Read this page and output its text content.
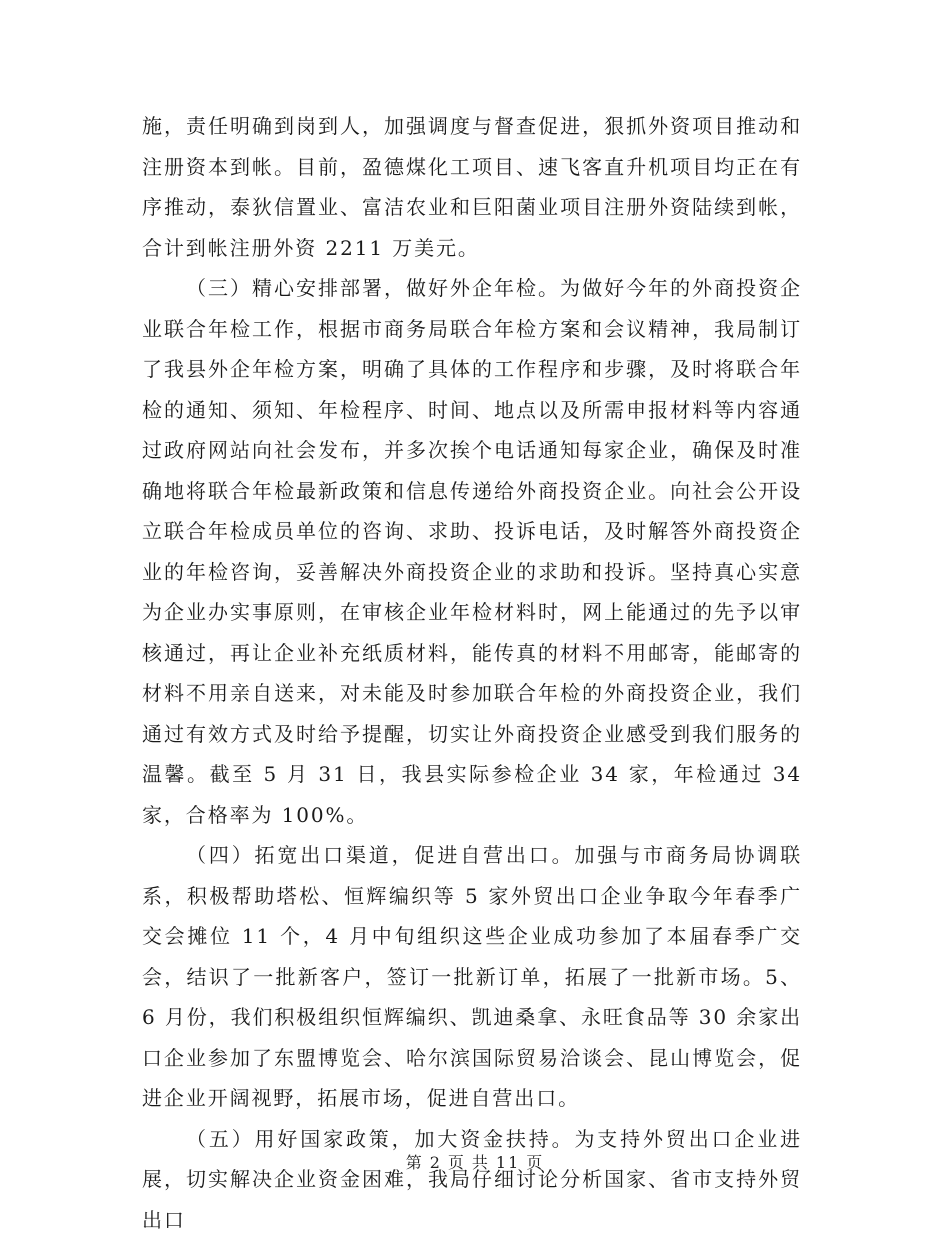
施，责任明确到岗到人，加强调度与督查促进，狠抓外资项目推动和注册资本到帐。目前，盈德煤化工项目、速飞客直升机项目均正在有序推动，泰狄信置业、富洁农业和巨阳菌业项目注册外资陆续到帐，合计到帐注册外资 2211 万美元。

（三）精心安排部署，做好外企年检。为做好今年的外商投资企业联合年检工作，根据市商务局联合年检方案和会议精神，我局制订了我县外企年检方案，明确了具体的工作程序和步骤，及时将联合年检的通知、须知、年检程序、时间、地点以及所需申报材料等内容通过政府网站向社会发布，并多次挨个电话通知每家企业，确保及时准确地将联合年检最新政策和信息传递给外商投资企业。向社会公开设立联合年检成员单位的咨询、求助、投诉电话，及时解答外商投资企业的年检咨询，妥善解决外商投资企业的求助和投诉。坚持真心实意为企业办实事原则，在审核企业年检材料时，网上能通过的先予以审核通过，再让企业补充纸质材料，能传真的材料不用邮寄，能邮寄的材料不用亲自送来，对未能及时参加联合年检的外商投资企业，我们通过有效方式及时给予提醒，切实让外商投资企业感受到我们服务的温馨。截至 5 月 31 日，我县实际参检企业 34 家，年检通过 34 家，合格率为 100%。

（四）拓宽出口渠道，促进自营出口。加强与市商务局协调联系，积极帮助塔松、恒辉编织等 5 家外贸出口企业争取今年春季广交会摊位 11 个，4 月中旬组织这些企业成功参加了本届春季广交会，结识了一批新客户，签订一批新订单，拓展了一批新市场。5、6 月份，我们积极组织恒辉编织、凯迪桑拿、永旺食品等 30 余家出口企业参加了东盟博览会、哈尔滨国际贸易洽谈会、昆山博览会，促进企业开阔视野，拓展市场，促进自营出口。

（五）用好国家政策，加大资金扶持。为支持外贸出口企业进展，切实解决企业资金困难，我局仔细讨论分析国家、省市支持外贸出口

第 2 页 共 11 页
